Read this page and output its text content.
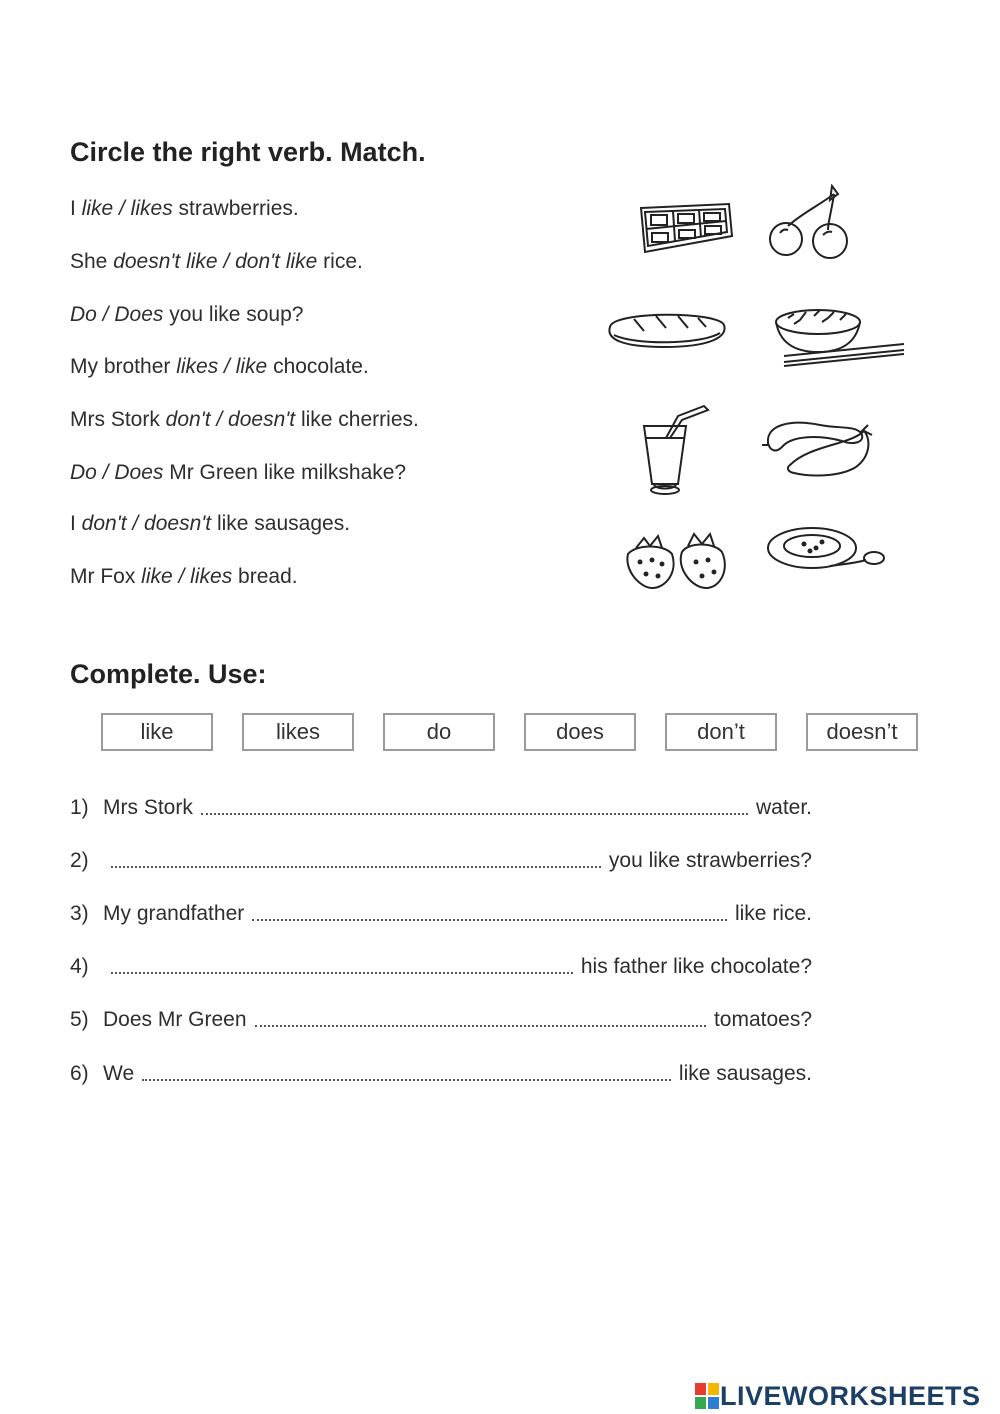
Circle the right verb. Match.

I like / likes strawberries.

She doesn't like / don't like rice.

Do / Does you like soup?

My brother likes / like chocolate.

Mrs Stork don't / doesn't like cherries.

Do / Does Mr Green like milkshake?

I don't / doesn't like sausages.

Mr Fox like / likes bread.

Complete. Use:
like	likes	do	does	don’t	doesn’t
1) Mrs Stork	water.
2)	you like strawberries?
3) My grandfather	like rice.
4)	his father like chocolate?
5) Does Mr Green	tomatoes?
6) We	like sausages.
LIVEWORKSHEETS
